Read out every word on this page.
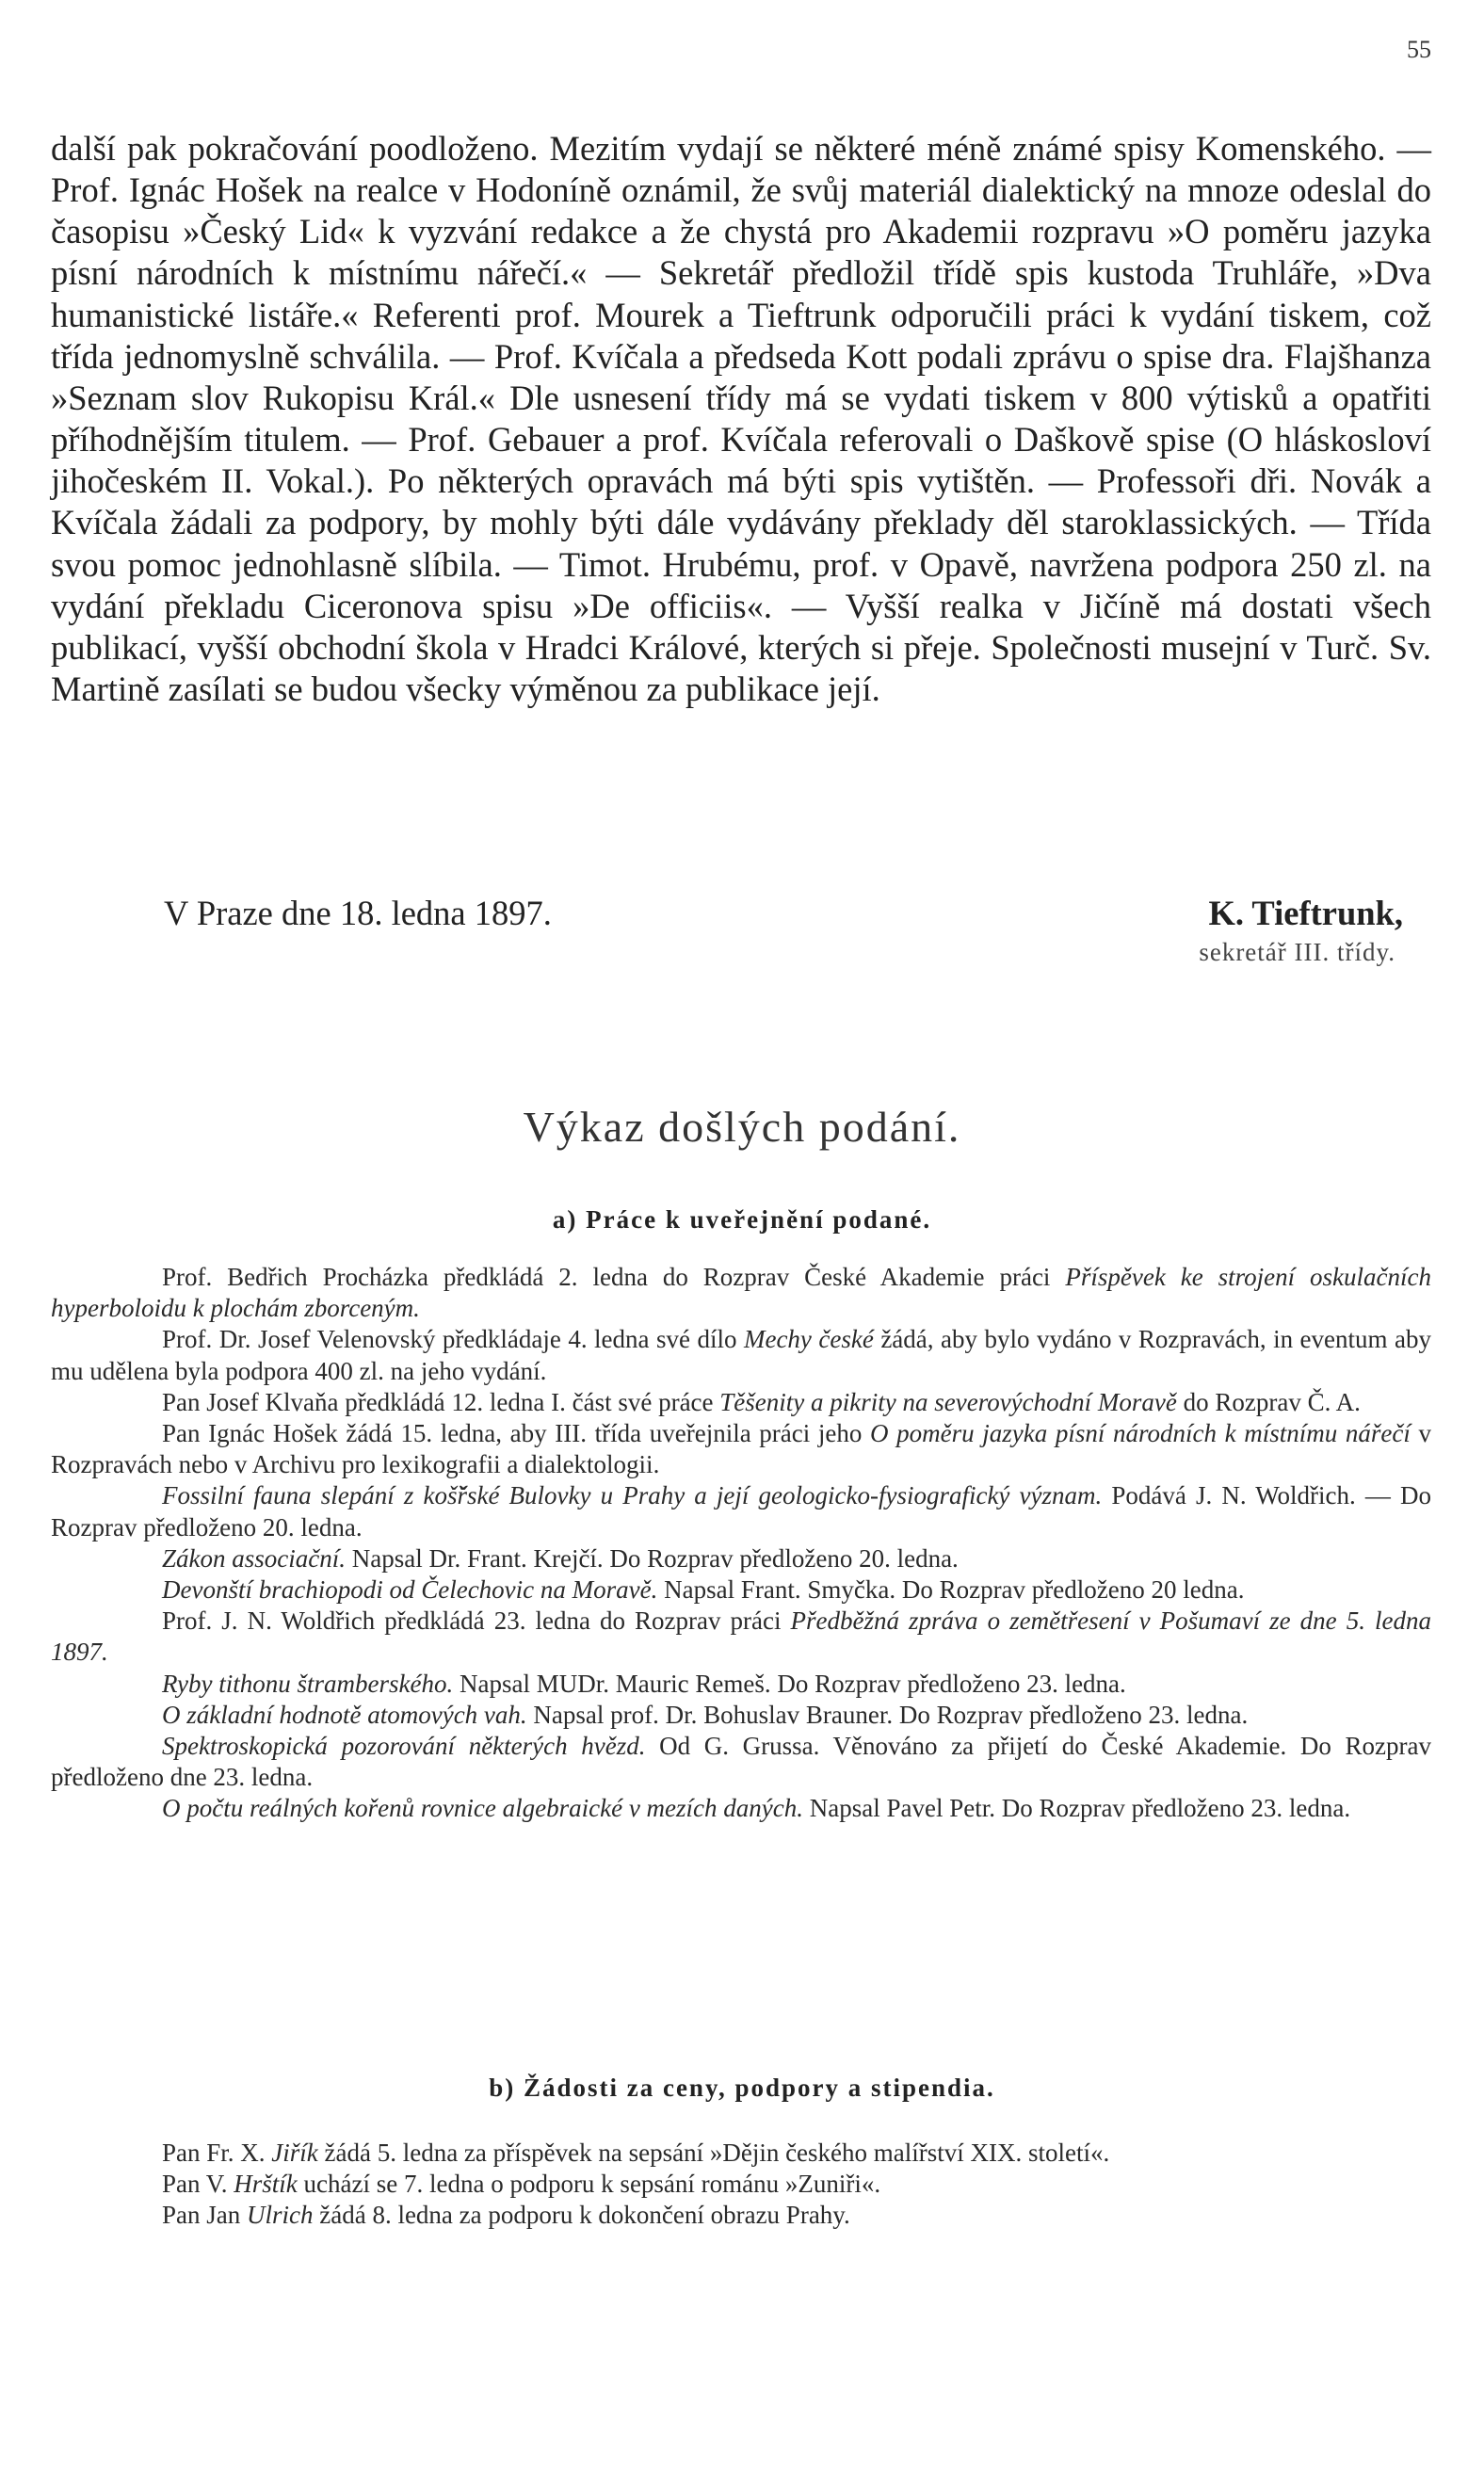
55

další pak pokračování poodloženo. Mezitím vydají se některé méně známé spisy Komenského. — Prof. Ignác Hošek na realce v Hodoníně oznámil, že svůj materiál dialektický na mnoze odeslal do časopisu »Český Lid« k vyzvání redakce a že chystá pro Akademii rozpravu »O poměru jazyka písní národních k místnímu nářečí.« — Sekretář předložil třídě spis kustoda Truhláře, »Dva humanistické listáře.« Referenti prof. Mourek a Tieftrunk odporučili práci k vydání tiskem, což třída jednomyslně schválila. — Prof. Kvíčala a předseda Kott podali zprávu o spise dra. Flajšhanza »Seznam slov Rukopisu Král.« Dle usnesení třídy má se vydati tiskem v 800 výtisků a opatřiti příhodnějším titulem. — Prof. Gebauer a prof. Kvíčala referovali o Daškově spise (O hláskosloví jihočeském II. Vokal.). Po některých opravách má býti spis vytištěn. — Professoři dři. Novák a Kvíčala žádali za podpory, by mohly býti dále vydávány překlady děl staroklassických. — Třída svou pomoc jednohlasně slíbila. — Timot. Hrubému, prof. v Opavě, navržena podpora 250 zl. na vydání překladu Ciceronova spisu »De officiis«. — Vyšší realka v Jičíně má dostati všech publikací, vyšší obchodní škola v Hradci Králové, kterých si přeje. Společnosti museјní v Turč. Sv. Martině zasílati se budou všecky výměnou za publikace její.

V Praze dne 18. ledna 1897.	K. Tieftrunk,
sekretář III. třídy.
Výkaz došlých podání.
a) Práce k uveřejnění podané.

Prof. Bedřich Procházka předkládá 2. ledna do Rozprav České Akademie práci Příspěvek ke strojení oskulačních hyperboloidu k plochám zborceným.

Prof. Dr. Josef Velenovský předkládaje 4. ledna své dílo Mechy české žádá, aby bylo vydáno v Rozpravách, in eventum aby mu udělena byla podpora 400 zl. na jeho vydání.

Pan Josef Klvaňa předkládá 12. ledna I. část své práce Těšenity a pikrity na severovýchodní Moravě do Rozprav Č. A.

Pan Ignác Hošek žádá 15. ledna, aby III. třída uveřejnila práci jeho O poměru jazyka písní národních k místnímu nářečí v Rozpravách nebo v Archivu pro lexikografii a dialektologii.

Fossilní fauna slepání z koš̌řské Bulovky u Prahy a její geologicko-fysiografický význam. Podává J. N. Woldřich. — Do Rozprav předloženo 20. ledna.

Zákon associační. Napsal Dr. Frant. Krejčí. Do Rozprav předloženo 20. ledna.

Devonští brachiopodi od Čelechovic na Moravě. Napsal Frant. Smyčka. Do Rozprav předloženo 20 ledna.

Prof. J. N. Woldřich předkládá 23. ledna do Rozprav práci Předběžná zpráva o zemětřesení v Pošumaví ze dne 5. ledna 1897.

Ryby tithonu štramberského. Napsal MUDr. Mauric Remeš. Do Rozprav předloženo 23. ledna.

O základní hodnotě atomových vah. Napsal prof. Dr. Bohuslav Brauner. Do Rozprav předloženo 23. ledna.

Spektroskopická pozorování některých hvězd. Od G. Grussa. Věnováno za přijetí do České Akademie. Do Rozprav předloženo dne 23. ledna.

O počtu reálných kořenů rovnice algebraické v mezích daných. Napsal Pavel Petr. Do Rozprav předloženo 23. ledna.

b) Žádosti za ceny, podpory a stipendia.

Pan Fr. X. Jiřík žádá 5. ledna za příspěvek na sepsání »Dějin českého malířství XIX. století«.

Pan V. Hrštík uchází se 7. ledna o podporu k sepsání románu »Zuniři«.

Pan Jan Ulrich žádá 8. ledna za podporu k dokončení obrazu Prahy.
